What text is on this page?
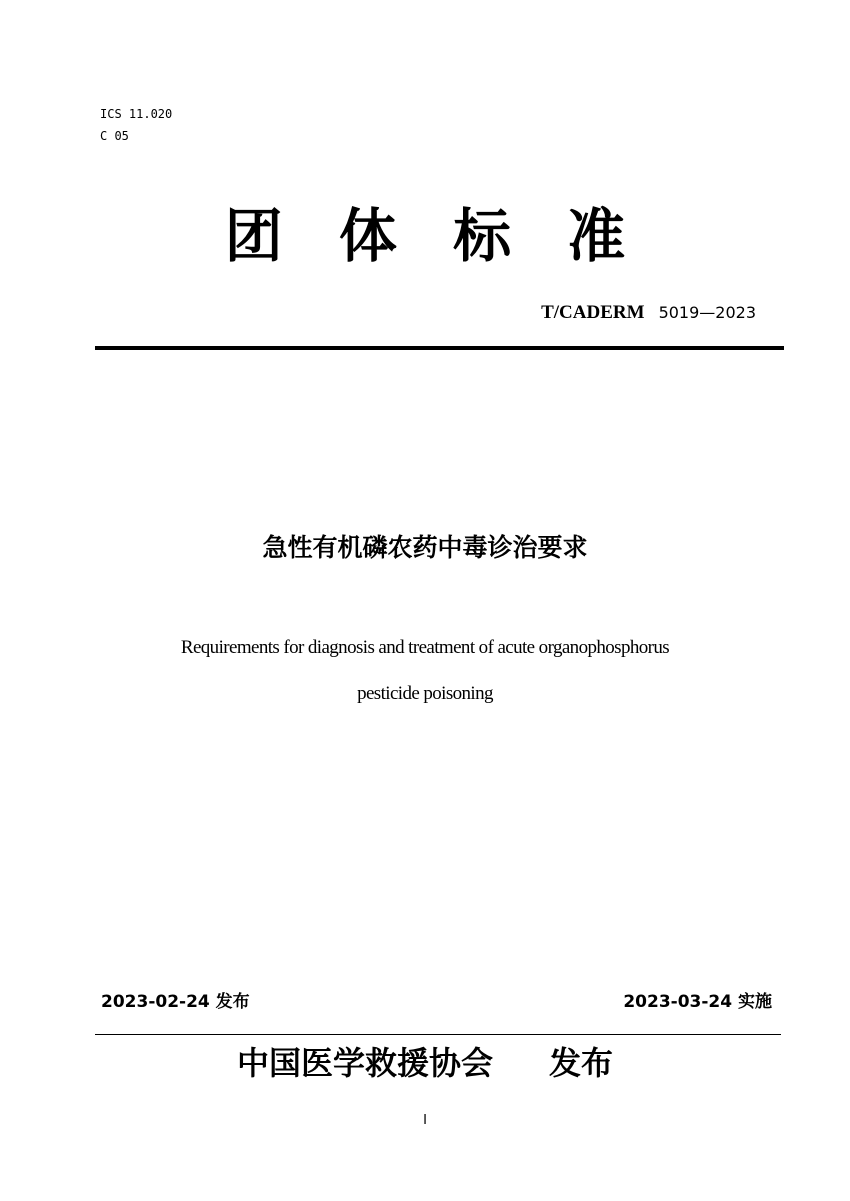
ICS 11.020
C 05
团 体 标 准
T/CADERM 5019—2023
急性有机磷农药中毒诊治要求
Requirements for diagnosis and treatment of acute organophosphorus
pesticide poisoning
2023-02-24 发布	2023-03-24 实施
中国医学救援协会 发布
I
